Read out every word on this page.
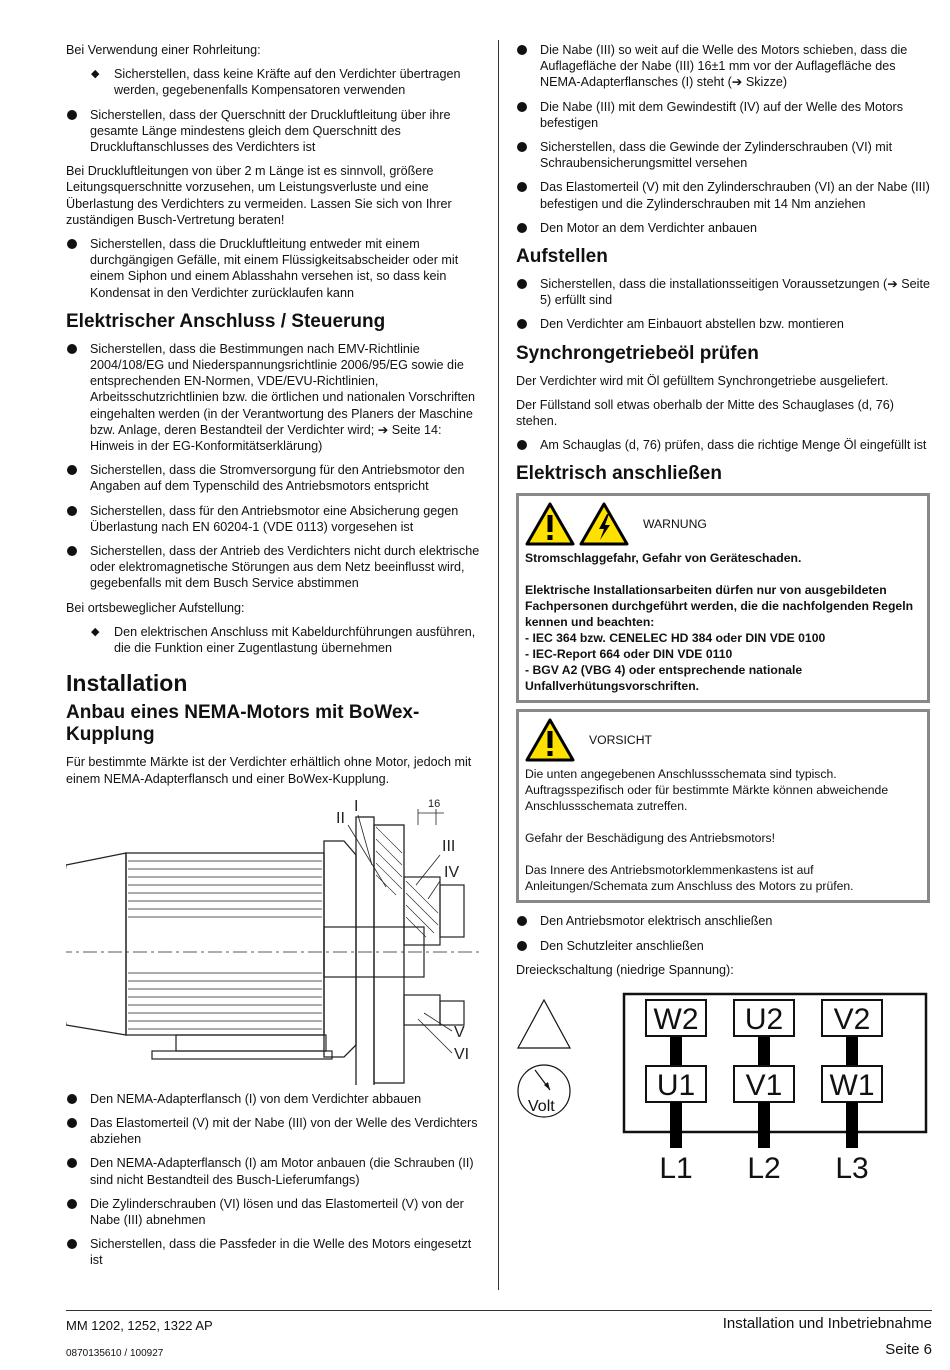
Bei Verwendung einer Rohrleitung:

◆ Sicherstellen, dass keine Kräfte auf den Verdichter übertragen werden, gegebenenfalls Kompensatoren verwenden
Sicherstellen, dass der Querschnitt der Druckluftleitung über ihre gesamte Länge mindestens gleich dem Querschnitt des Druckluftanschlusses des Verdichters ist

Bei Druckluftleitungen von über 2 m Länge ist es sinnvoll, größere Leitungsquerschnitte vorzusehen, um Leistungsverluste und eine Überlastung des Verdichters zu vermeiden. Lassen Sie sich von Ihrer zuständigen Busch-Vertretung beraten!

Sicherstellen, dass die Druckluftleitung entweder mit einem durchgängigen Gefälle, mit einem Flüssigkeitsabscheider oder mit einem Siphon und einem Ablasshahn versehen ist, so dass kein Kondensat in den Verdichter zurücklaufen kann
Elektrischer Anschluss / Steuerung
Sicherstellen, dass die Bestimmungen nach EMV-Richtlinie 2004/108/EG und Niederspannungsrichtlinie 2006/95/EG sowie die entsprechenden EN-Normen, VDE/EVU-Richtlinien, Arbeitsschutzrichtlinien bzw. die örtlichen und nationalen Vorschriften eingehalten werden (in der Verantwortung des Planers der Maschine bzw. Anlage, deren Bestandteil der Verdichter wird; ➔ Seite 14: Hinweis in der EG-Konformitätserklärung)
Sicherstellen, dass die Stromversorgung für den Antriebsmotor den Angaben auf dem Typenschild des Antriebsmotors entspricht
Sicherstellen, dass für den Antriebsmotor eine Absicherung gegen Überlastung nach EN 60204-1 (VDE 0113) vorgesehen ist
Sicherstellen, dass der Antrieb des Verdichters nicht durch elektrische oder elektromagnetische Störungen aus dem Netz beeinflusst wird, gegebenfalls mit dem Busch Service abstimmen

Bei ortsbeweglicher Aufstellung:

◆ Den elektrischen Anschluss mit Kabeldurchführungen ausführen, die die Funktion einer Zugentlastung übernehmen
Installation
Anbau eines NEMA-Motors mit BoWex-Kupplung

Für bestimmte Märkte ist der Verdichter erhältlich ohne Motor, jedoch mit einem NEMA-Adapterflansch und einer BoWex-Kupplung.

I
II
III
IV
V
VI
16
Den NEMA-Adapterflansch (I) von dem Verdichter abbauen
Das Elastomerteil (V) mit der Nabe (III) von der Welle des Verdichters abziehen
Den NEMA-Adapterflansch (I) am Motor anbauen (die Schrauben (II) sind nicht Bestandteil des Busch-Lieferumfangs)
Die Zylinderschrauben (VI) lösen und das Elastomerteil (V) von der Nabe (III) abnehmen
Sicherstellen, dass die Passfeder in die Welle des Motors eingesetzt ist
Die Nabe (III) so weit auf die Welle des Motors schieben, dass die Auflagefläche der Nabe (III) 16±1 mm vor der Auflagefläche des NEMA-Adapterflansches (I) steht (➔ Skizze)
Die Nabe (III) mit dem Gewindestift (IV) auf der Welle des Motors befestigen
Sicherstellen, dass die Gewinde der Zylinderschrauben (VI) mit Schraubensicherungsmittel versehen
Das Elastomerteil (V) mit den Zylinderschrauben (VI) an der Nabe (III) befestigen und die Zylinderschrauben mit 14 Nm anziehen
Den Motor an dem Verdichter anbauen
Aufstellen
Sicherstellen, dass die installationsseitigen Voraussetzungen (➔ Seite 5) erfüllt sind
Den Verdichter am Einbauort abstellen bzw. montieren
Synchrongetriebeöl prüfen

Der Verdichter wird mit Öl gefülltem Synchrongetriebe ausgeliefert.

Der Füllstand soll etwas oberhalb der Mitte des Schauglases (d, 76) stehen.

Am Schauglas (d, 76) prüfen, dass die richtige Menge Öl eingefüllt ist
Elektrisch anschließen
WARNUNG
Stromschlaggefahr, Gefahr von Geräteschaden.
Elektrische Installationsarbeiten dürfen nur von ausgebildeten Fachpersonen durchgeführt werden, die die nachfolgenden Regeln kennen und beachten:
- IEC 364 bzw. CENELEC HD 384 oder DIN VDE 0100
- IEC-Report 664 oder DIN VDE 0110
- BGV A2 (VBG 4) oder entsprechende nationale Unfallverhütungsvorschriften.
VORSICHT
Die unten angegebenen Anschlussschemata sind typisch. Auftragsspezifisch oder für bestimmte Märkte können abweichende Anschlussschemata zutreffen.
Gefahr der Beschädigung des Antriebsmotors!
Das Innere des Antriebsmotorklemmenkastens ist auf Anleitungen/Schemata zum Anschluss des Motors zu prüfen.
Den Antriebsmotor elektrisch anschließen
Den Schutzleiter anschließen

Dreieckschaltung (niedrige Spannung):

Volt
W2 U2 V2
U1 V1 W1
L1 L2 L3
MM 1202, 1252, 1322 AP
0870135610 / 100927
Installation und Inbetriebnahme
Seite 6
